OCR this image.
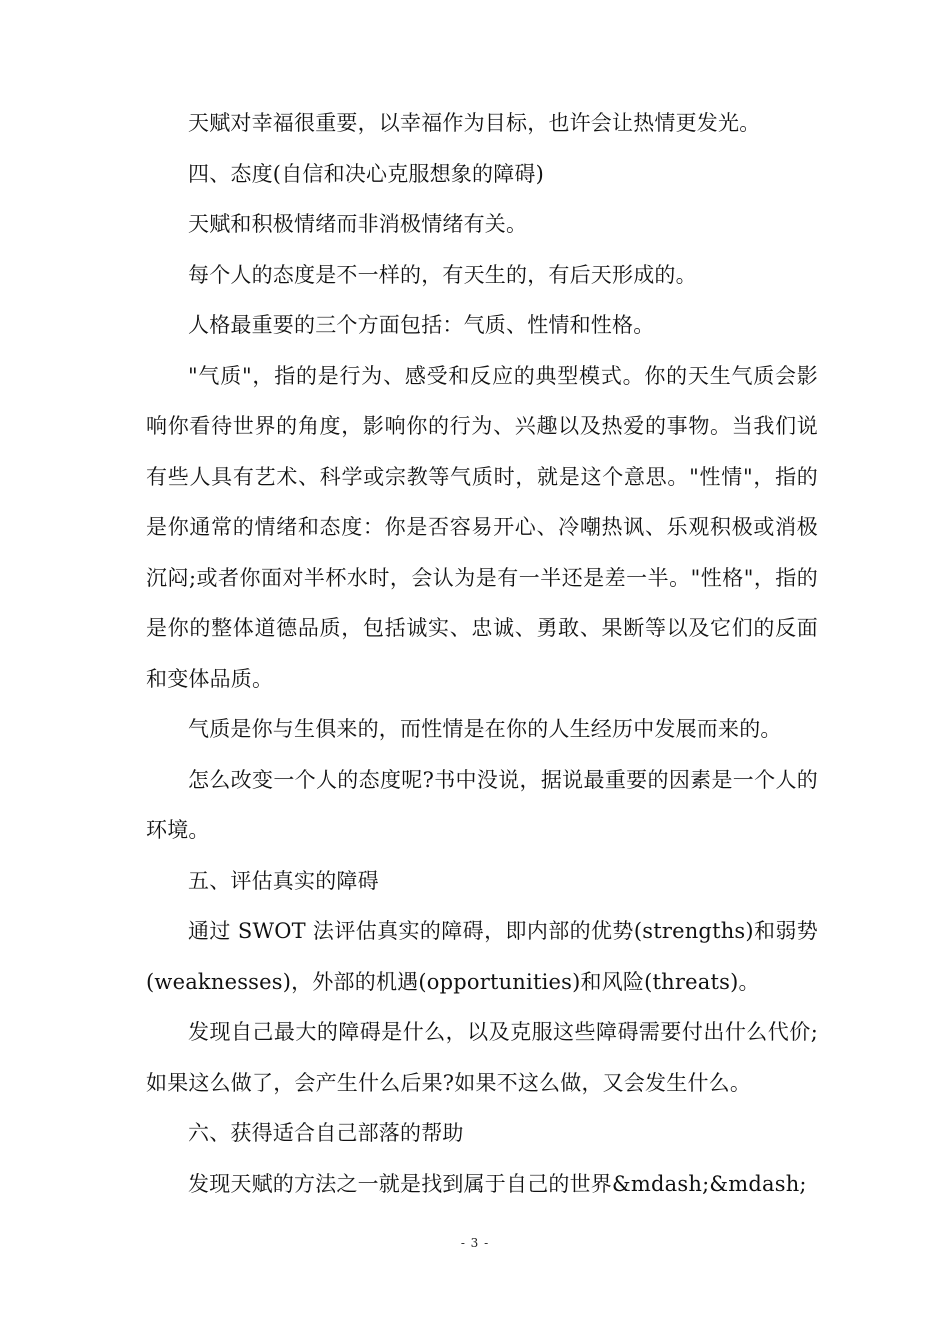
天赋对幸福很重要，以幸福作为目标，也许会让热情更发光。

四、态度(自信和决心克服想象的障碍)

天赋和积极情绪而非消极情绪有关。

每个人的态度是不一样的，有天生的，有后天形成的。

人格最重要的三个方面包括：气质、性情和性格。

"气质"，指的是行为、感受和反应的典型模式。你的天生气质会影响你看待世界的角度，影响你的行为、兴趣以及热爱的事物。当我们说有些人具有艺术、科学或宗教等气质时，就是这个意思。"性情"，指的是你通常的情绪和态度：你是否容易开心、冷嘲热讽、乐观积极或消极沉闷;或者你面对半杯水时，会认为是有一半还是差一半。"性格"，指的是你的整体道德品质，包括诚实、忠诚、勇敢、果断等以及它们的反面和变体品质。

气质是你与生俱来的，而性情是在你的人生经历中发展而来的。

怎么改变一个人的态度呢?书中没说，据说最重要的因素是一个人的环境。

五、评估真实的障碍

通过 SWOT 法评估真实的障碍，即内部的优势(strengths)和弱势(weaknesses)，外部的机遇(opportunities)和风险(threats)。

发现自己最大的障碍是什么，以及克服这些障碍需要付出什么代价;如果这么做了，会产生什么后果?如果不这么做，又会发生什么。

六、获得适合自己部落的帮助

发现天赋的方法之一就是找到属于自己的世界&mdash;&mdash;

- 3 -
